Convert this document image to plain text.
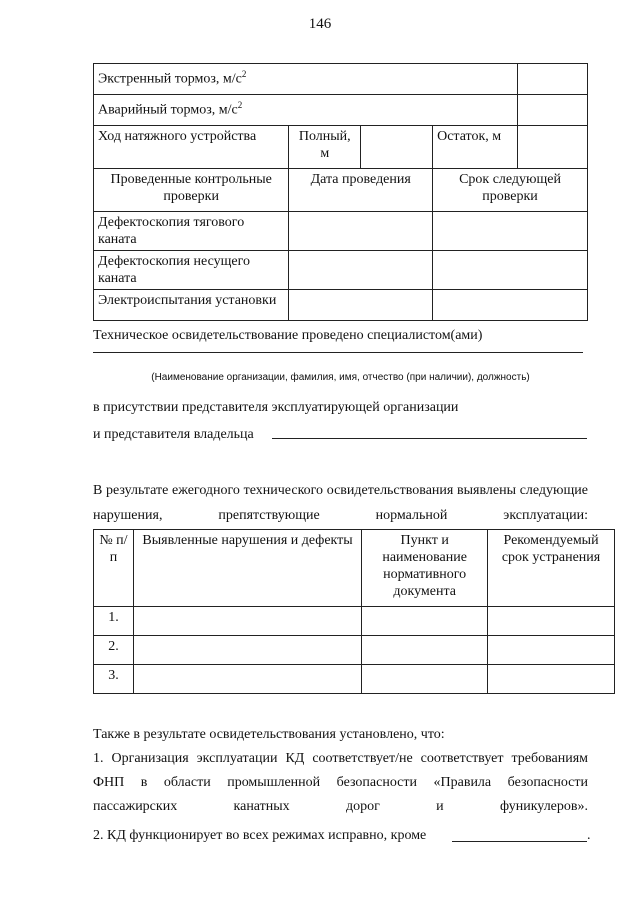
146
Экстренный тормоз, $м/с^2$	
Аварийный тормоз, $м/с^2$	
Ход натяжного устройства	Полный, м		Остаток, м	
Проведенные контрольные проверки	Дата проведения		Срок следующей проверки	
Дефектоскопия тягового каната				
Дефектоскопия несущего каната				
Электроиспытания установки				
Техническое освидетельствование проведено специалистом(ами)
(Наименование организации, фамилия, имя, отчество (при наличии), должность)
в присутствии представителя эксплуатирующей организации
и представителя владельца
В результате ежегодного технического освидетельствования выявлены следующие нарушения, препятствующие нормальной эксплуатации:
№ п/п	Выявленные нарушения и дефекты	Пункт и наименование нормативного документа	Рекомендуемый срок устранения
1.			
2.			
3.			
Также в результате освидетельствования установлено, что:
1. Организация эксплуатации КД соответствует/не соответствует требованиям ФНП в области промышленной безопасности «Правила безопасности пассажирских канатных дорог и фуникулеров».
2. КД функционирует во всех режимах исправно, кроме	.
